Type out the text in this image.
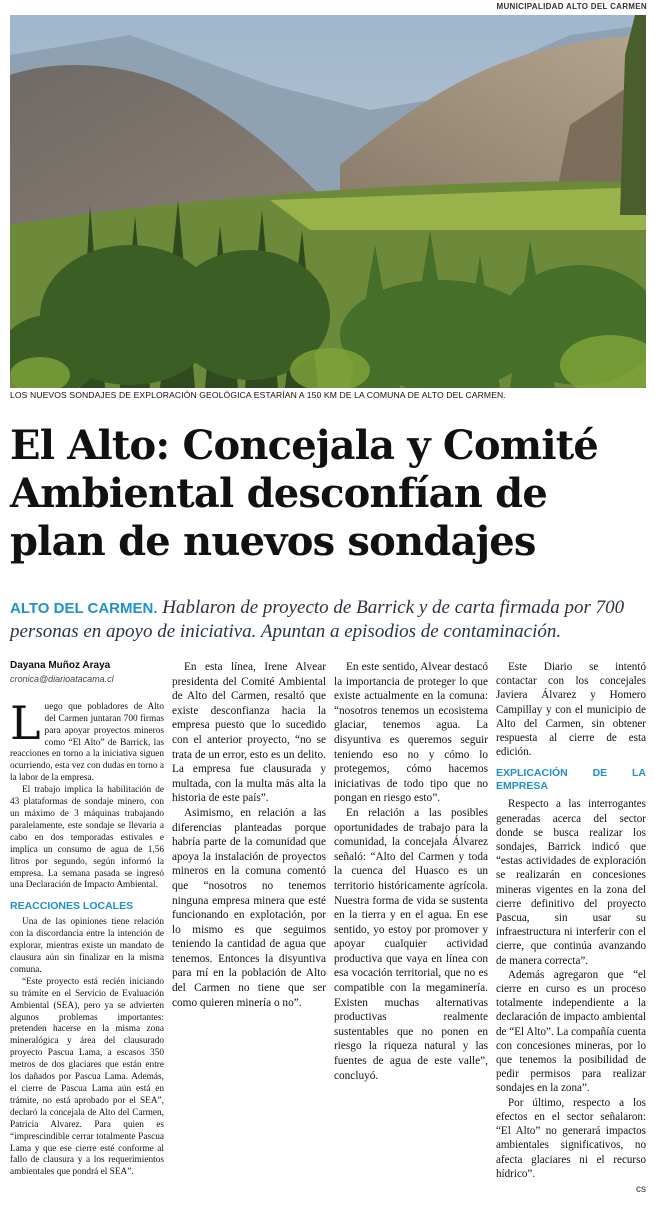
MUNICIPALIDAD ALTO DEL CARMEN
LOS NUEVOS SONDAJES DE EXPLORACIÓN GEOLÓGICA ESTARÍAN A 150 KM DE LA COMUNA DE ALTO DEL CARMEN.
El Alto: Concejala y Comité Ambiental desconfían de plan de nuevos sondajes
ALTO DEL CARMEN. Hablaron de proyecto de Barrick y de carta firmada por 700 personas en apoyo de iniciativa. Apuntan a episodios de contaminación.
Dayana Muñoz Araya
cronica@diarioatacama.cl

Luego que pobladores de Alto del Carmen juntaran 700 firmas para apoyar proyectos mineros como “El Alto” de Barrick, las reacciones en torno a la iniciativa siguen ocurriendo, esta vez con dudas en torno a la labor de la empresa.

El trabajo implica la habilitación de 43 plataformas de sondaje minero, con un máximo de 3 máquinas trabajando paralelamente, este sondaje se llevaría a cabo en dos temporadas estivales e implica un consumo de agua de 1,56 litros por segundo, según informó la empresa. La semana pasada se ingresó una Declaración de Impacto Ambiental.

REACCIONES LOCALES

Una de las opiniones tiene relación con la discordancia entre la intención de explorar, mientras existe un mandato de clausura aún sin finalizar en la misma comuna.

“Este proyecto está recién iniciando su trámite en el Servicio de Evaluación Ambiental (SEA), pero ya se advierten algunos problemas importantes: pretenden hacerse en la misma zona mineralógica y área del clausurado proyecto Pascua Lama, a escasos 350 metros de dos glaciares que están entre los dañados por Pascua Lama. Además, el cierre de Pascua Lama aún está en trámite, no está aprobado por el SEA”, declaró la concejala de Alto del Carmen, Patricia Alvarez. Para quien es “imprescindible cerrar totalmente Pascua Lama y que ese cierre esté conforme al fallo de clausura y a los requerimientos ambientales que pondrá el SEA”.

En esta línea, Irene Alvear presidenta del Comité Ambiental de Alto del Carmen, resaltó que existe desconfianza hacia la empresa puesto que lo sucedido con el anterior proyecto, “no se trata de un error, esto es un delito. La empresa fue clausurada y multada, con la multa más alta la historia de este país”.

Asimismo, en relación a las diferencias planteadas porque habría parte de la comunidad que apoya la instalación de proyectos mineros en la comuna comentó que “nosotros no tenemos ninguna empresa minera que esté funcionando en explotación, por lo mismo es que seguimos teniendo la cantidad de agua que tenemos. Entonces la disyuntiva para mí en la población de Alto del Carmen no tiene que ser como quieren minería o no”.

En este sentido, Alvear destacó la importancia de proteger lo que existe actualmente en la comuna: “nosotros tenemos un ecosistema glaciar, tenemos agua. La disyuntiva es queremos seguir teniendo eso no y cómo lo protegemos, cómo hacemos iniciativas de todo tipo que no pongan en riesgo esto”.

En relación a las posibles oportunidades de trabajo para la comunidad, la concejala Álvarez señaló: “Alto del Carmen y toda la cuenca del Huasco es un territorio históricamente agrícola. Nuestra forma de vida se sustenta en la tierra y en el agua. En ese sentido, yo estoy por promover y apoyar cualquier actividad productiva que vaya en línea con esa vocación territorial, que no es compatible con la megaminería. Existen muchas alternativas productivas realmente sustentables que no ponen en riesgo la riqueza natural y las fuentes de agua de este valle”, concluyó.

Este Diario se intentó contactar con los concejales Javiera Álvarez y Homero Campillay y con el municipio de Alto del Carmen, sin obtener respuesta al cierre de esta edición.

EXPLICACIÓN DE LA EMPRESA

Respecto a las interrogantes generadas acerca del sector donde se busca realizar los sondajes, Barrick indicó que “estas actividades de exploración se realizarán en concesiones mineras vigentes en la zona del cierre definitivo del proyecto Pascua, sin usar su infraestructura ni interferir con el cierre, que continúa avanzando de manera correcta”.

Además agregaron que “el cierre en curso es un proceso totalmente independiente a la declaración de impacto ambiental de “El Alto”. La compañía cuenta con concesiones mineras, por lo que tenemos la posibilidad de pedir permisos para realizar sondajes en la zona”.

Por último, respecto a los efectos en el sector señalaron: “El Alto” no generará impactos ambientales significativos, no afecta glaciares ni el recurso hídrico”.

cs
